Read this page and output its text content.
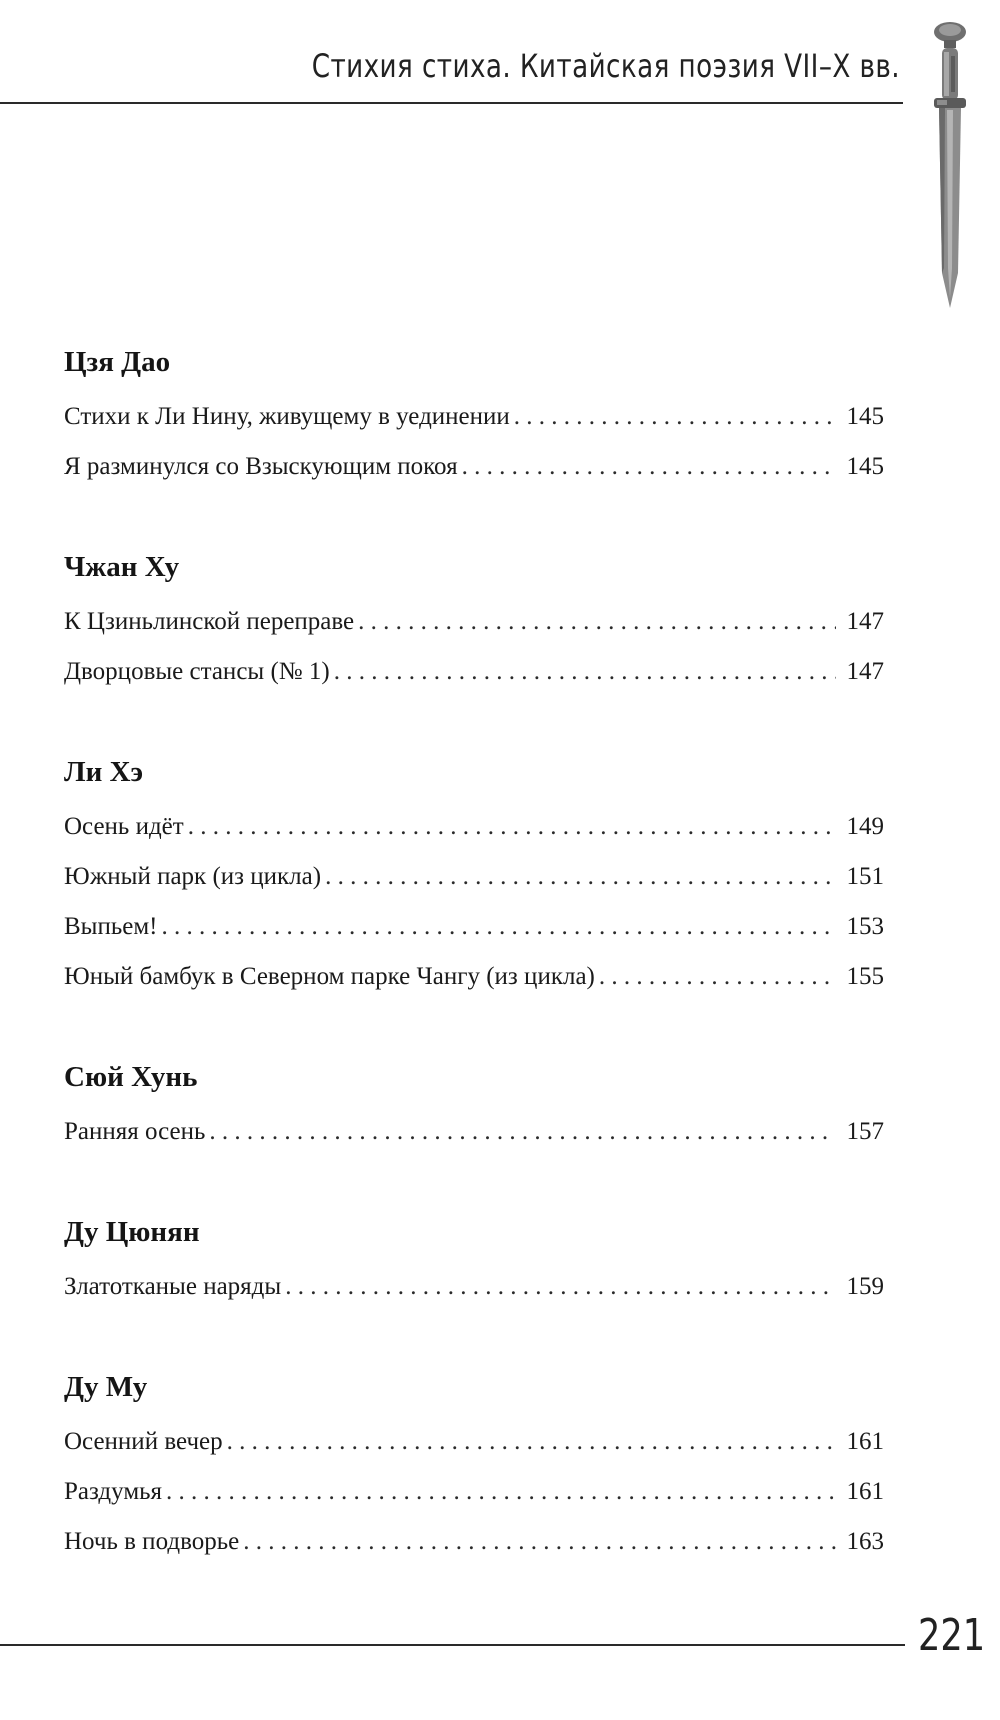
Стихия стиха. Китайская поэзия VII–X вв.
Цзя Дао
Стихи к Ли Нину, живущему в уединении . . .	145
Я разминулся со Взыскующим покоя . . .	145
Чжан Ху
К Цзиньлинской переправе . . .	147
Дворцовые стансы (№ 1) . . .	147
Ли Хэ
Осень идёт . . .	149
Южный парк (из цикла) . . .	151
Выпьем! . . .	153
Юный бамбук в Северном парке Чангу (из цикла) . . .	155
Сюй Хунь
Ранняя осень . . .	157
Ду Цюнян
Златотканые наряды . . .	159
Ду Му
Осенний вечер . . .	161
Раздумья . . .	161
Ночь в подворье . . .	163
221
